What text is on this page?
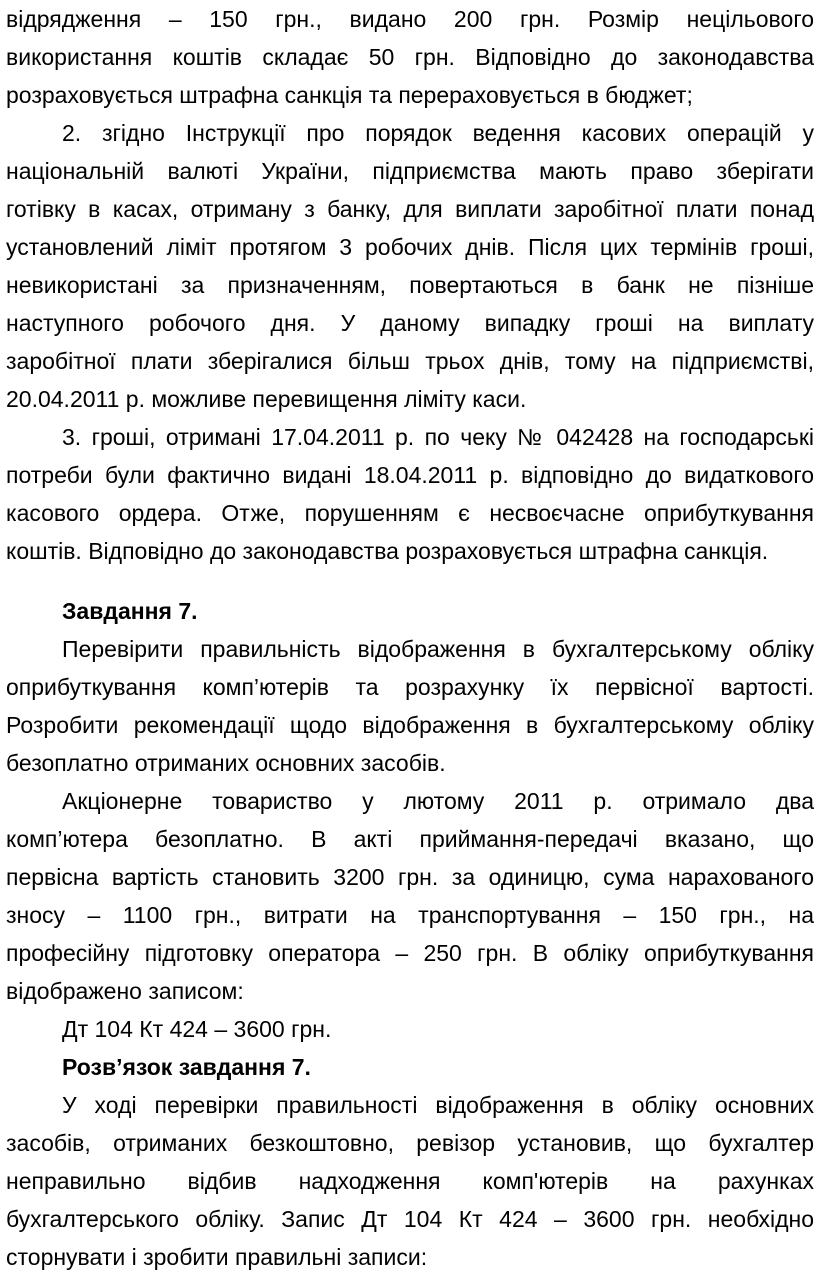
відрядження – 150 грн., видано 200 грн. Розмір нецільового
використання коштів складає 50 грн. Відповідно до законодавства
розраховується штрафна санкція та перераховується в бюджет;
2. згідно Інструкції про порядок ведення касових операцій у
національній валюті України, підприємства мають право зберігати
готівку в касах, отриману з банку, для виплати заробітної плати понад
установлений ліміт протягом 3 робочих днів. Після цих термінів гроші,
невикористані за призначенням, повертаються в банк не пізніше
наступного робочого дня. У даному випадку гроші на виплату
заробітної плати зберігалися більш трьох днів, тому на підприємстві,
20.04.2011 р. можливе перевищення ліміту каси.
3. гроші, отримані 17.04.2011 р. по чеку № 042428 на господарські
потреби були фактично видані 18.04.2011 р. відповідно до видаткового
касового ордера. Отже, порушенням є несвоєчасне оприбуткування
коштів. Відповідно до законодавства розраховується штрафна санкція.
Завдання 7.
Перевірити правильність відображення в бухгалтерському обліку
оприбуткування комп’ютерів та розрахунку їх первісної вартості.
Розробити рекомендації щодо відображення в бухгалтерському обліку
безоплатно отриманих основних засобів.
Акціонерне товариство у лютому 2011 р. отримало два
комп’ютера безоплатно. В акті приймання-передачі вказано, що
первісна вартість становить 3200 грн. за одиницю, сума нарахованого
зносу – 1100 грн., витрати на транспортування – 150 грн., на
професійну підготовку оператора – 250 грн. В обліку оприбуткування
відображено записом:
Дт 104 Кт 424 – 3600 грн.
Розв’язок завдання 7.
У ході перевірки правильності відображення в обліку основних
засобів, отриманих безкоштовно, ревізор установив, що бухгалтер
неправильно відбив надходження комп'ютерів на рахунках
бухгалтерського обліку. Запис Дт 104 Кт 424 – 3600 грн. необхідно
сторнувати і зробити правильні записи:
